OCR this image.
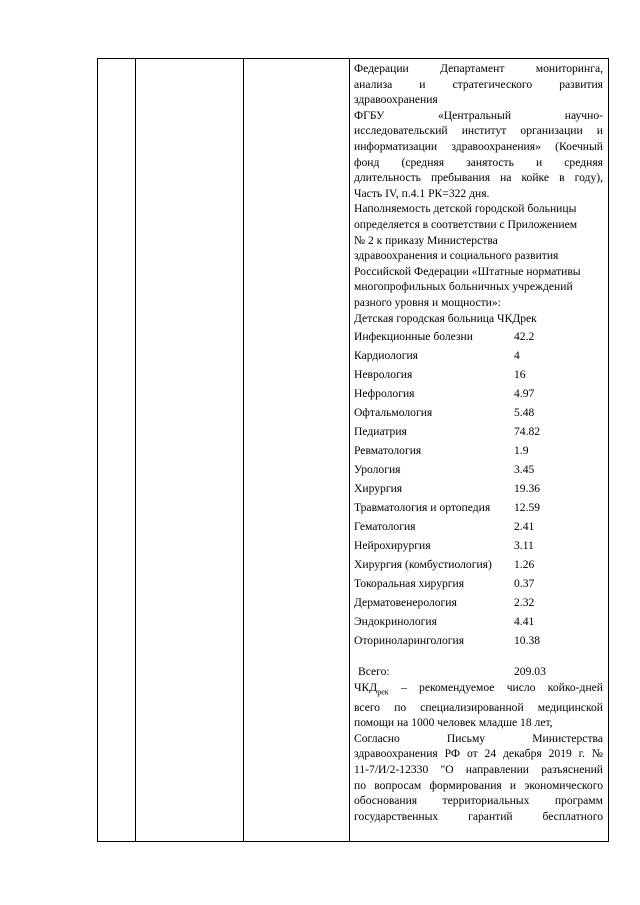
Федерации Департамент мониторинга,

анализа и стратегического развития

здравоохранения

ФГБУ «Центральный научно-

исследовательский институт организации и

информатизации здравоохранения» (Коечный

фонд (средняя занятость и средняя

длительность пребывания на койке в году),

Часть IV, п.4.1 РК=322 дня.

Наполняемость детской городской больницы

определяется в соответствии с Приложением

№ 2 к приказу Министерства

здравоохранения и социального развития

Российской Федерации «Штатные нормативы

многопрофильных больничных учреждений

разного уровня и мощности»:

Детская городская больница ЧКДрек

Инфекционные болезни	42.2
Кардиология	4
Неврология	16
Нефрология	4.97
Офтальмология	5.48
Педиатрия	74.82
Ревматология	1.9
Урология	3.45
Хирургия	19.36
Травматология и ортопедия	12.59
Гематология	2.41
Нейрохирургия	3.11
Хирургия (комбустиология)	1.26
Токоральная хирургия	0.37
Дерматовенерология	2.32
Эндокринология	4.41
Оториноларингология	10.38
Всего:	209.03

$ЧКД_{рек}$ – рекомендуемое число койко-дней

всего по специализированной медицинской

помощи на 1000 человек младше 18 лет,

Согласно Письму Министерства

здравоохранения РФ от 24 декабря 2019 г. №

11-7/И/2-12330 "О направлении разъяснений

по вопросам формирования и экономического

обоснования территориальных программ

государственных гарантий бесплатного
